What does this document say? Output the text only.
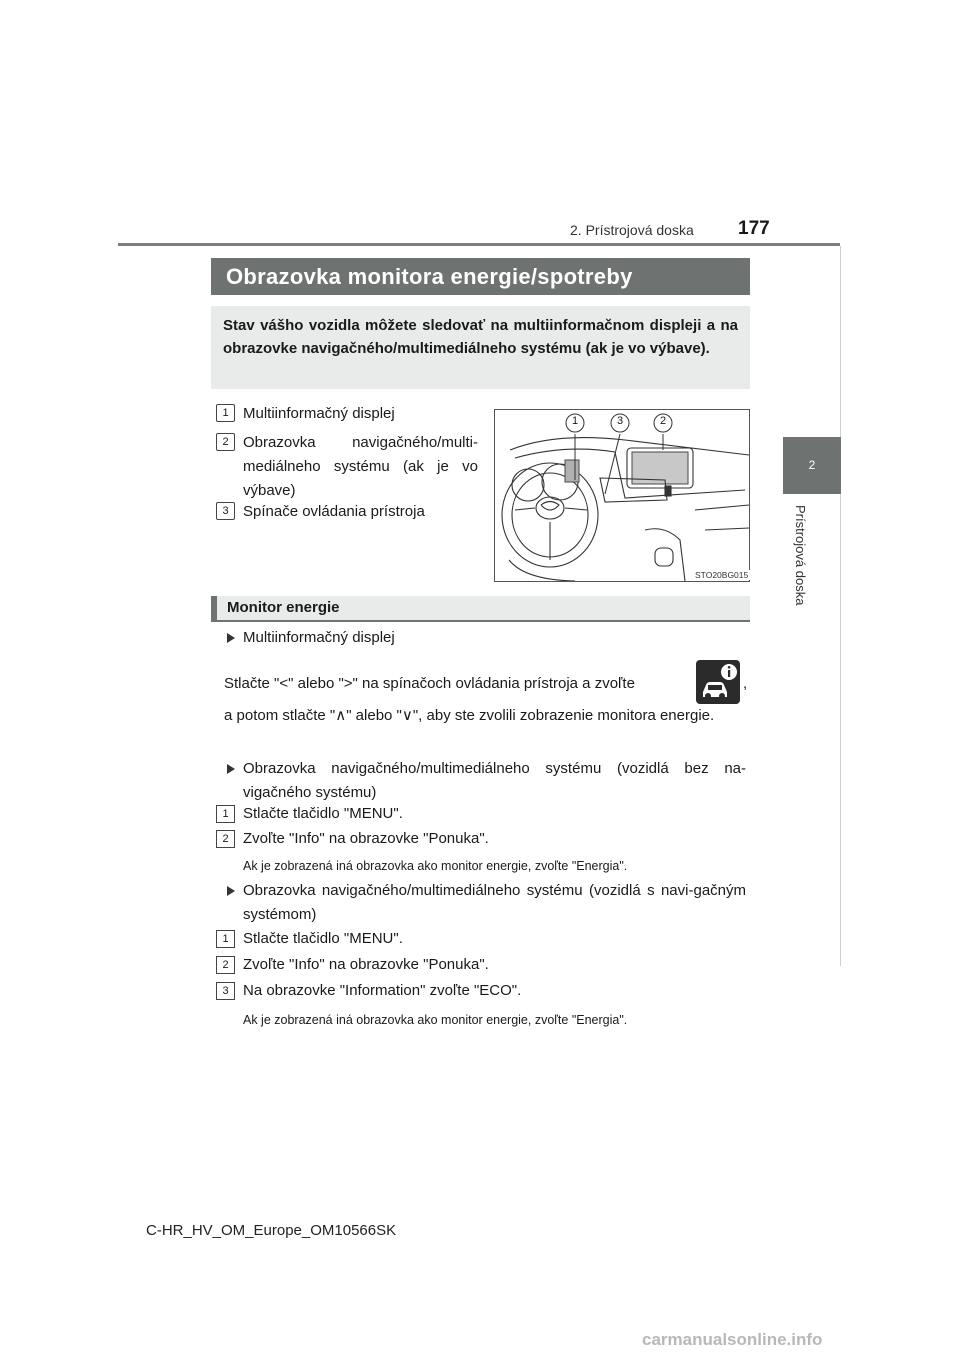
2. Prístrojová doska 177
2
Prístrojová doska
Obrazovka monitora energie/spotreby
Stav vášho vozidla môžete sledovať na multiinformačnom displeji a na obrazovke navigačného/multimediálneho systému (ak je vo výbave).
1 Multiinformačný displej
2 Obrazovka navigačného/multi-mediálneho systému (ak je vo výbave)
3 Spínače ovládania prístroja
1	3	2
STO20BG015
Monitor energie
Multiinformačný displej
Stlačte "<" alebo ">" na spínačoch ovládania prístroja a zvoľte	,
a potom stlačte "∧" alebo "∨", aby ste zvolili zobrazenie monitora energie.
Obrazovka navigačného/multimediálneho systému (vozidlá bez na-vigačného systému)
1 Stlačte tlačidlo "MENU".
2 Zvoľte "Info" na obrazovke "Ponuka".
Ak je zobrazená iná obrazovka ako monitor energie, zvoľte "Energia".
Obrazovka navigačného/multimediálneho systému (vozidlá s navi-gačným systémom)
1 Stlačte tlačidlo "MENU".
2 Zvoľte "Info" na obrazovke "Ponuka".
3 Na obrazovke "Information" zvoľte "ECO".
Ak je zobrazená iná obrazovka ako monitor energie, zvoľte "Energia".
C-HR_HV_OM_Europe_OM10566SK
carmanualsonline.info
